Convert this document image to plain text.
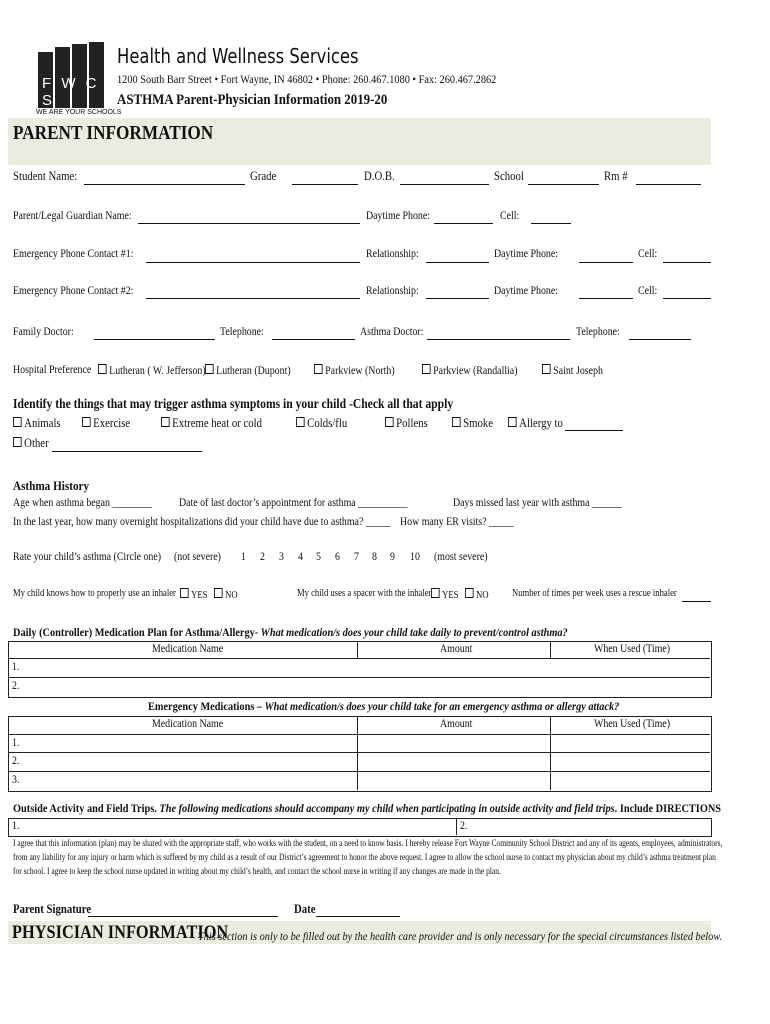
F W C S
WE ARE YOUR SCHOOLS
Health and Wellness Services
1200 South Barr Street • Fort Wayne, IN 46802 • Phone: 260.467.1080 • Fax: 260.467.2862
ASTHMA Parent-Physician Information 2019-20
PARENT INFORMATION
Student Name:	Grade	D.O.B.	School	Rm #
Parent/Legal Guardian Name:	Daytime Phone:	Cell:
Emergency Phone Contact #1:	Relationship:	Daytime Phone:	Cell:
Emergency Phone Contact #2:	Relationship:	Daytime Phone:	Cell:
Family Doctor:	Telephone:	Asthma Doctor:	Telephone:
Hospital Preference	Lutheran ( W. Jefferson) Lutheran (Dupont)	Parkview (North)	Parkview (Randallia)	Saint Joseph
Identify the things that may trigger asthma symptoms in your child -Check all that apply
Animals	Exercise	Extreme heat or cold	Colds/flu	Pollens	Smoke	Allergy to
Other
Asthma History
Age when asthma began ________ Date of last doctor’s appointment for asthma __________	Days missed last year with asthma ______
In the last year, how many overnight hospitalizations did your child have due to asthma? _____ How many ER visits? _____
Rate your child’s asthma (Circle one) (not severe) 1 2 3 4 5 6 7 8 9 10 (most severe)
My child knows how to properly use an inhaler	YES	NO	My child uses a spacer with the inhaler	YES	NO Number of times per week uses a rescue inhaler
Daily (Controller) Medication Plan for Asthma/Allergy- What medication/s does your child take daily to prevent/control asthma?
Medication Name	Amount	When Used (Time)
1.
2.
Emergency Medications – What medication/s does your child take for an emergency asthma or allergy attack?
Medication Name	Amount	When Used (Time)
1.
2.
3.
Outside Activity and Field Trips. The following medications should accompany my child when participating in outside activity and field trips. Include DIRECTIONS
1.	2.
I agree that this information (plan) may be shared with the appropriate staff, who works with the student, on a need to know basis. I hereby release Fort Wayne Community School District and any of its agents, employees, administrators,
from any liability for any injury or harm which is suffered by my child as a result of our District’s agreement to honor the above request. I agree to allow the school nurse to contact my physician about my child’s asthma treatment plan
for school. I agree to keep the school nurse updated in writing about my child’s health, and contact the school nurse in writing if any changes are made in the plan.
Parent Signature	Date
PHYSICIAN INFORMATION
This section is only to be filled out by the health care provider and is only necessary for the special circumstances listed below.
